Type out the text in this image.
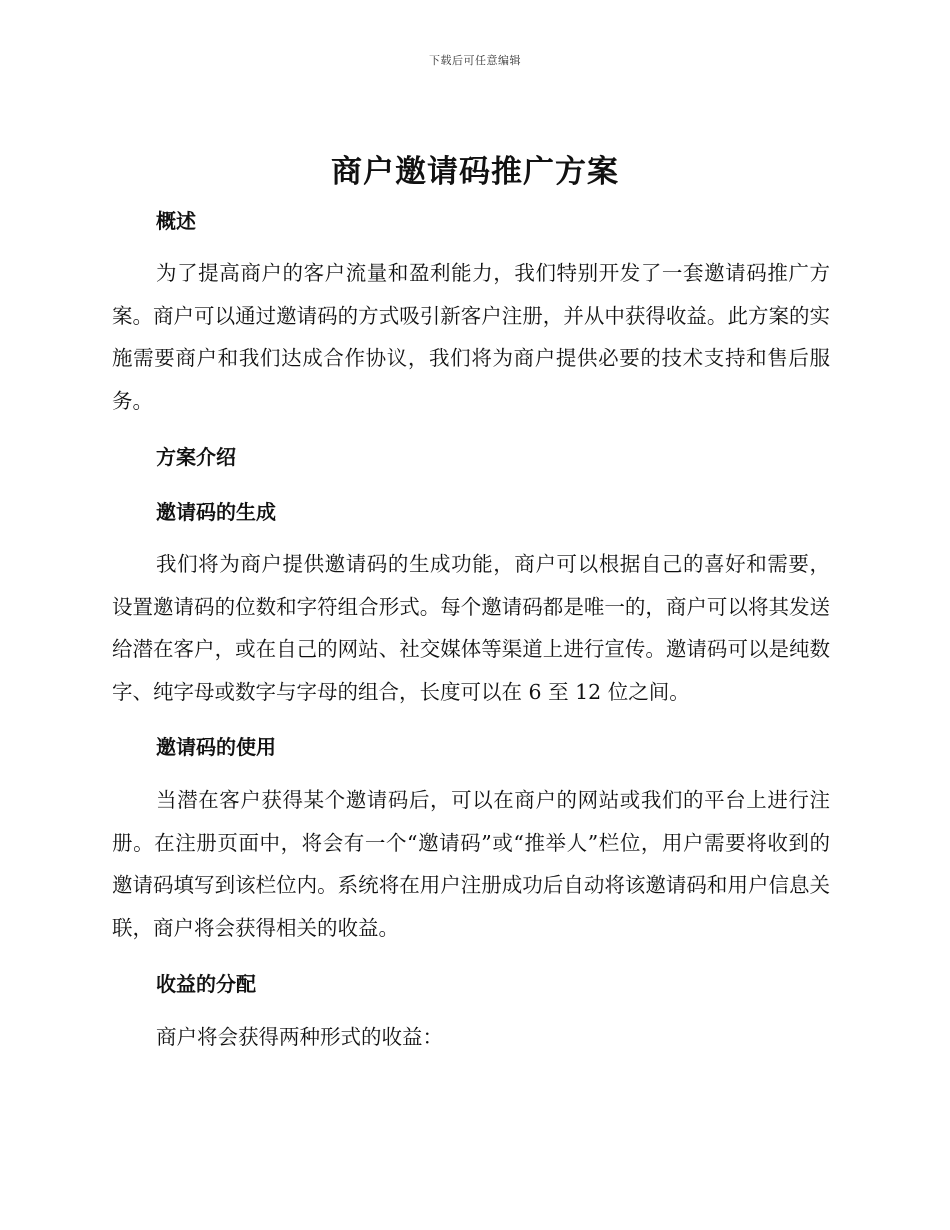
下载后可任意编辑
商户邀请码推广方案
概述

为了提高商户的客户流量和盈利能力，我们特别开发了一套邀请码推广方案。商户可以通过邀请码的方式吸引新客户注册，并从中获得收益。此方案的实施需要商户和我们达成合作协议，我们将为商户提供必要的技术支持和售后服务。

方案介绍
邀请码的生成

我们将为商户提供邀请码的生成功能，商户可以根据自己的喜好和需要，设置邀请码的位数和字符组合形式。每个邀请码都是唯一的，商户可以将其发送给潜在客户，或在自己的网站、社交媒体等渠道上进行宣传。邀请码可以是纯数字、纯字母或数字与字母的组合，长度可以在 6 至 12 位之间。

邀请码的使用

当潜在客户获得某个邀请码后，可以在商户的网站或我们的平台上进行注册。在注册页面中，将会有一个“邀请码”或“推举人”栏位，用户需要将收到的邀请码填写到该栏位内。系统将在用户注册成功后自动将该邀请码和用户信息关联，商户将会获得相关的收益。

收益的分配

商户将会获得两种形式的收益：
